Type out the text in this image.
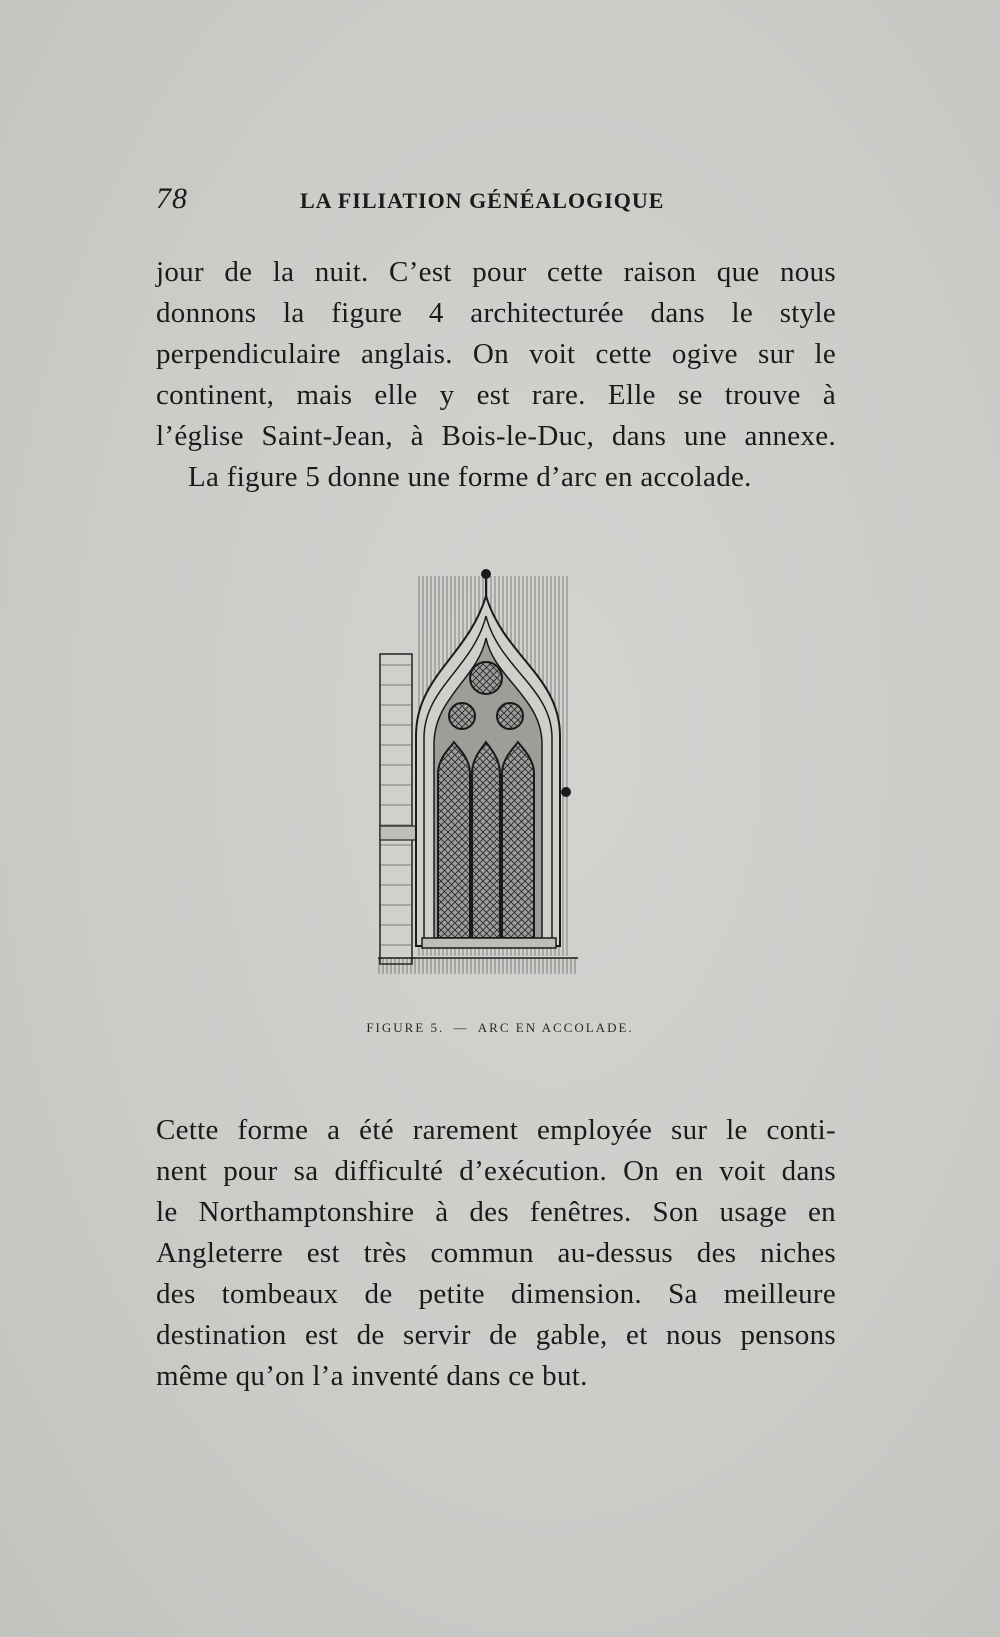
78	LA FILIATION GÉNÉALOGIQUE
jour de la nuit. C’est pour cette raison que nous
donnons la figure 4 architecturée dans le style
perpendiculaire anglais. On voit cette ogive sur le
continent, mais elle y est rare. Elle se trouve à
l’église Saint-Jean, à Bois-le-Duc, dans une annexe.
La figure 5 donne une forme d’arc en accolade.
FIGURE 5. — ARC EN ACCOLADE.
Cette forme a été rarement employée sur le conti-
nent pour sa difficulté d’exécution. On en voit dans
le Northamptonshire à des fenêtres. Son usage en
Angleterre est très commun au-dessus des niches
des tombeaux de petite dimension. Sa meilleure
destination est de servir de gable, et nous pensons
même qu’on l’a inventé dans ce but.
